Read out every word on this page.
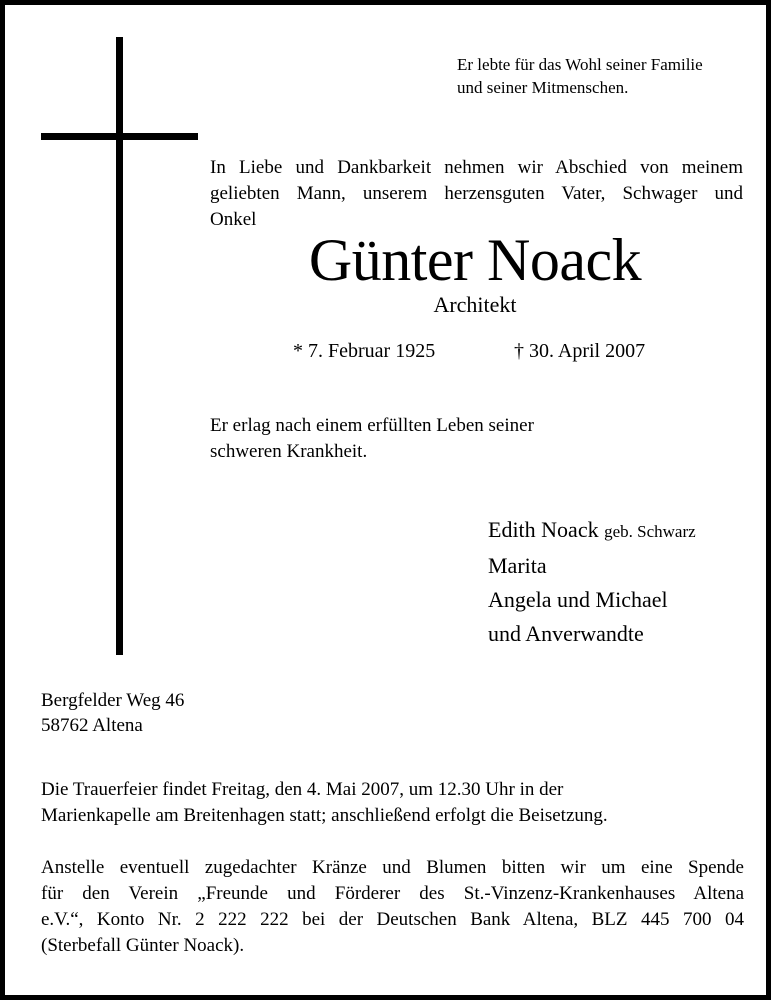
Er lebte für das Wohl seiner Familie
und seiner Mitmenschen.
In Liebe und Dankbarkeit nehmen wir Abschied von meinem
geliebten Mann, unserem herzensguten Vater, Schwager und
Onkel
Günter Noack
Architekt
* 7. Februar 1925	† 30. April 2007
Er erlag nach einem erfüllten Leben seiner
schweren Krankheit.
Edith Noack geb. Schwarz
Marita
Angela und Michael
und Anverwandte
Bergfelder Weg 46
58762 Altena
Die Trauerfeier findet Freitag, den 4. Mai 2007, um 12.30 Uhr in der
Marienkapelle am Breitenhagen statt; anschließend erfolgt die Beisetzung.
Anstelle eventuell zugedachter Kränze und Blumen bitten wir um eine Spende
für den Verein „Freunde und Förderer des St.-Vinzenz-Krankenhauses Altena
e.V.“, Konto Nr. 2 222 222 bei der Deutschen Bank Altena, BLZ 445 700 04
(Sterbefall Günter Noack).
